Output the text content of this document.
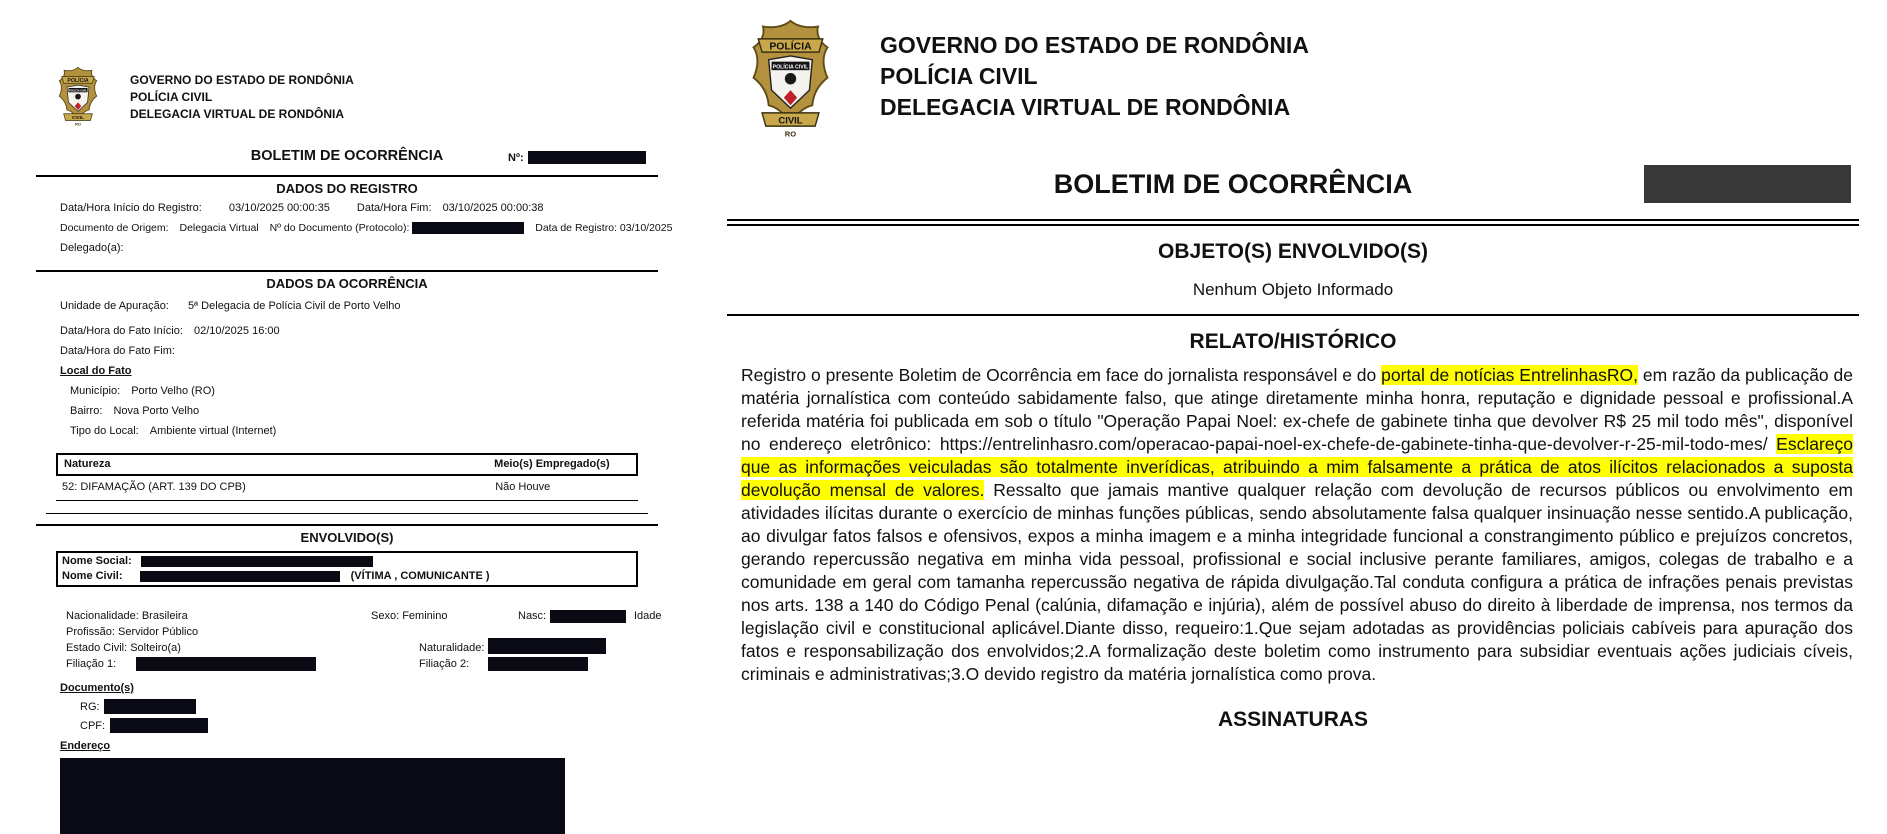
POLÍCIA
POLÍCIA CIVIL
CIVIL
RO
GOVERNO DO ESTADO DE RONDÔNIA
POLÍCIA CIVIL
DELEGACIA VIRTUAL DE RONDÔNIA
BOLETIM DE OCORRÊNCIA	Nº:
DADOS DO REGISTRO
Data/Hora Início do Registro: 03/10/2025 00:00:35 Data/Hora Fim: 03/10/2025 00:00:38
Documento de Origem: Delegacia Virtual Nº do Documento (Protocolo):	Data de Registro: 03/10/2025
Delegado(a):
DADOS DA OCORRÊNCIA
Unidade de Apuração: 5ª Delegacia de Polícia Civil de Porto Velho
Data/Hora do Fato Início: 02/10/2025 16:00
Data/Hora do Fato Fim:
Local do Fato
Município: Porto Velho (RO)
Bairro: Nova Porto Velho
Tipo do Local: Ambiente virtual (Internet)
Natureza	Meio(s) Empregado(s)
52: DIFAMAÇÃO (ART. 139 DO CPB)	Não Houve
ENVOLVIDO(S)
Nome Social:
Nome Civil:	(VÍTIMA , COMUNICANTE )
Nacionalidade: Brasileira	Sexo: Feminino	Nasc:	Idade
Profissão: Servidor Público
Estado Civil: Solteiro(a)	Naturalidade:
Filiação 1:	Filiação 2:
Documento(s)
RG:
CPF:
Endereço
POLÍCIA
POLÍCIA CIVIL
CIVIL
RO
GOVERNO DO ESTADO DE RONDÔNIA
POLÍCIA CIVIL
DELEGACIA VIRTUAL DE RONDÔNIA
BOLETIM DE OCORRÊNCIA
OBJETO(S) ENVOLVIDO(S)
Nenhum Objeto Informado
RELATO/HISTÓRICO

Registro o presente Boletim de Ocorrência em face do jornalista responsável e do portal de notícias EntrelinhasRO, em razão da publicação de matéria jornalística com conteúdo sabidamente falso, que atinge diretamente minha honra, reputação e dignidade pessoal e profissional.A referida matéria foi publicada em sob o título "Operação Papai Noel: ex-chefe de gabinete tinha que devolver R$ 25 mil todo mês", disponível no endereço eletrônico: https://entrelinhasro.com/operacao-papai-noel-ex-chefe-de-gabinete-tinha-que-devolver-r-25-mil-todo-mes/ Esclareço que as informações veiculadas são totalmente inverídicas, atribuindo a mim falsamente a prática de atos ilícitos relacionados a suposta devolução mensal de valores. Ressalto que jamais mantive qualquer relação com devolução de recursos públicos ou envolvimento em atividades ilícitas durante o exercício de minhas funções públicas, sendo absolutamente falsa qualquer insinuação nesse sentido.A publicação, ao divulgar fatos falsos e ofensivos, expos a minha imagem e a minha integridade funcional a constrangimento público e prejuízos concretos, gerando repercussão negativa em minha vida pessoal, profissional e social inclusive perante familiares, amigos, colegas de trabalho e a comunidade em geral com tamanha repercussão negativa de rápida divulgação.Tal conduta configura a prática de infrações penais previstas nos arts. 138 a 140 do Código Penal (calúnia, difamação e injúria), além de possível abuso do direito à liberdade de imprensa, nos termos da legislação civil e constitucional aplicável.Diante disso, requeiro:1.Que sejam adotadas as providências policiais cabíveis para apuração dos fatos e responsabilização dos envolvidos;2.A formalização deste boletim como instrumento para subsidiar eventuais ações judiciais cíveis, criminais e administrativas;3.O devido registro da matéria jornalística como prova.

ASSINATURAS
